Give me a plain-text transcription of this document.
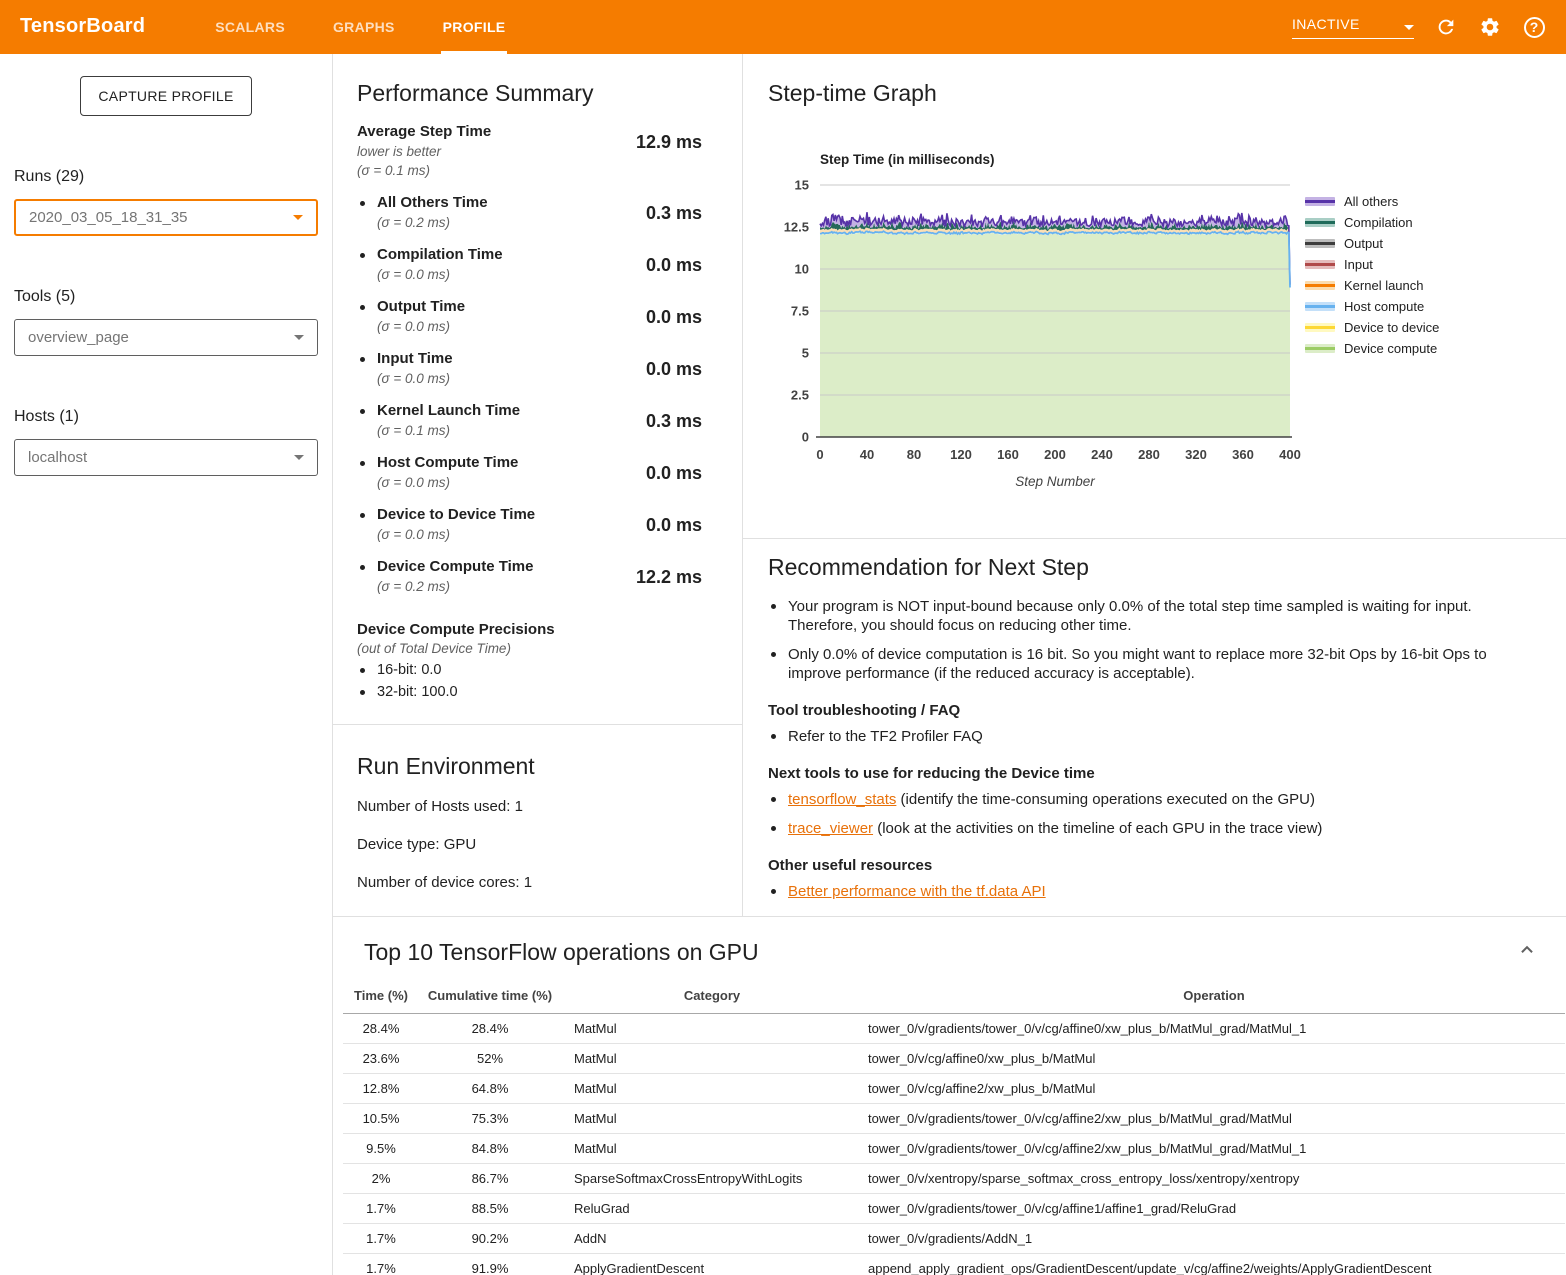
TensorBoard	SCALARS	GRAPHS	PROFILE	INACTIVE	?
CAPTURE PROFILE
Runs (29)
2020_03_05_18_31_35
Tools (5)
overview_page
Hosts (1)
localhost
Performance Summary
Average Step Time
lower is better
(σ = 0.1 ms)
12.9 ms
All Others Time
(σ = 0.2 ms)	0.3 ms
Compilation Time
(σ = 0.0 ms)	0.0 ms
Output Time
(σ = 0.0 ms)	0.0 ms
Input Time
(σ = 0.0 ms)	0.0 ms
Kernel Launch Time
(σ = 0.1 ms)	0.3 ms
Host Compute Time
(σ = 0.0 ms)	0.0 ms
Device to Device Time
(σ = 0.0 ms)	0.0 ms
Device Compute Time
(σ = 0.2 ms)	12.2 ms
Device Compute Precisions
(out of Total Device Time)
16-bit: 0.0
32-bit: 100.0
Run Environment

Number of Hosts used: 1

Device type: GPU

Number of device cores: 1

Step-time Graph
Step Time (in milliseconds)
0
2.5
5
7.5
10
12.5
15
0	40	80 120 160 200 240 280 320 360 400
Step Number
All others
Compilation
Output
Input
Kernel launch
Host compute
Device to device
Device compute
Recommendation for Next Step
Your program is NOT input-bound because only 0.0% of the total step time sampled is waiting for input. Therefore, you should focus on reducing other time.
Only 0.0% of device computation is 16 bit. So you might want to replace more 32-bit Ops by 16-bit Ops to improve performance (if the reduced accuracy is acceptable).
Tool troubleshooting / FAQ
Refer to the TF2 Profiler FAQ
Next tools to use for reducing the Device time
tensorflow_stats (identify the time-consuming operations executed on the GPU)
trace_viewer (look at the activities on the timeline of each GPU in the trace view)
Other useful resources
Better performance with the tf.data API
Top 10 TensorFlow operations on GPU
Time (%)	Cumulative time (%)	Category	Operation
28.4%	28.4%	MatMul	tower_0/v/gradients/tower_0/v/cg/affine0/xw_plus_b/MatMul_grad/MatMul_1
23.6%	52%	MatMul	tower_0/v/cg/affine0/xw_plus_b/MatMul
12.8%	64.8%	MatMul	tower_0/v/cg/affine2/xw_plus_b/MatMul
10.5%	75.3%	MatMul	tower_0/v/gradients/tower_0/v/cg/affine2/xw_plus_b/MatMul_grad/MatMul
9.5%	84.8%	MatMul	tower_0/v/gradients/tower_0/v/cg/affine2/xw_plus_b/MatMul_grad/MatMul_1
2%	86.7%	SparseSoftmaxCrossEntropyWithLogits	tower_0/v/xentropy/sparse_softmax_cross_entropy_loss/xentropy/xentropy
1.7%	88.5%	ReluGrad	tower_0/v/gradients/tower_0/v/cg/affine1/affine1_grad/ReluGrad
1.7%	90.2%	AddN	tower_0/v/gradients/AddN_1
1.7%	91.9%	ApplyGradientDescent	append_apply_gradient_ops/GradientDescent/update_v/cg/affine2/weights/ApplyGradientDescent
